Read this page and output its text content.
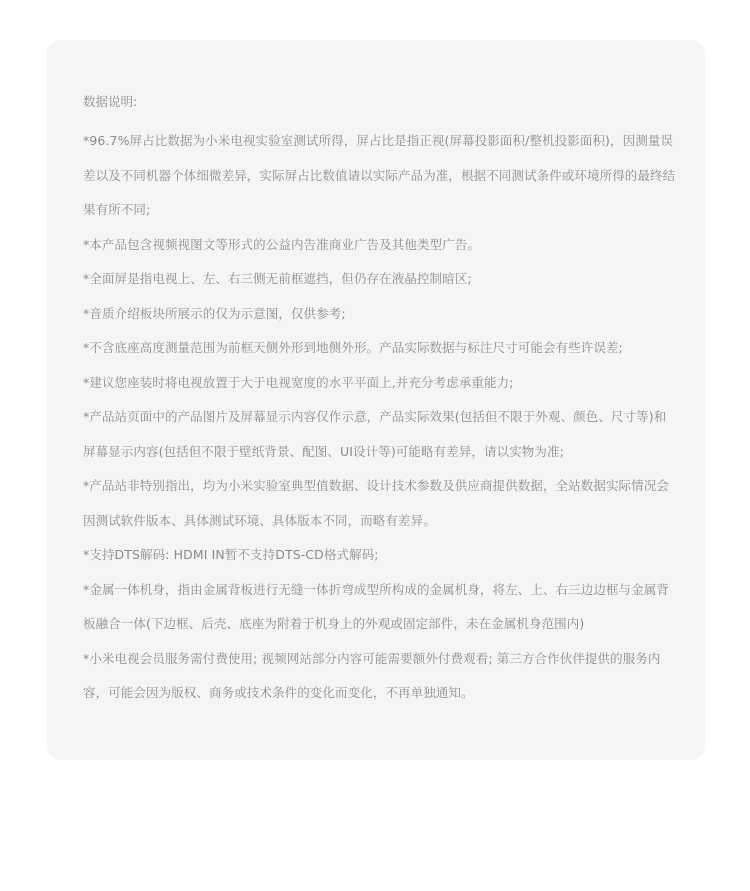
数据说明:

*96.7%屏占比数据为小米电视实验室测试所得，屏占比是指正视(屏幕投影面积/整机投影面积)，因测量误差以及不同机器个体细微差异，实际屏占比数值请以实际产品为准，根据不同测试条件或环境所得的最终结果有所不同;
*本产品包含视频视图文等形式的公益内告准商业广告及其他类型广告。
*全面屏是指电视上、左、右三侧无前框遮挡，但仍存在液晶控制暗区;
*音质介绍板块所展示的仅为示意图，仅供参考;
*不含底座高度测量范围为前框天侧外形到地侧外形。产品实际数据与标注尺寸可能会有些许误差;
*建议您座装时将电视放置于大于电视宽度的水平平面上,并充分考虑承重能力;
*产品站页面中的产品图片及屏幕显示内容仅作示意，产品实际效果(包括但不限于外观、颜色、尺寸等)和屏幕显示内容(包括但不限于壁纸背景、配图、UI设计等)可能略有差异，请以实物为准;
*产品站非特别指出，均为小米实验室典型值数据、设计技术参数及供应商提供数据，全站数据实际情况会因测试软件版本、具体测试环境、具体版本不同，而略有差异。
*支持DTS解码: HDMI IN暂不支持DTS-CD格式解码;
*金属一体机身，指由金属背板进行无缝一体折弯成型所构成的金属机身，将左、上、右三边边框与金属背板融合一体(下边框、后壳、底座为附着于机身上的外观或固定部件，未在金属机身范围内)
*小米电视会员服务需付费使用; 视频网站部分内容可能需要额外付费观看; 第三方合作伙伴提供的服务内容，可能会因为版权、商务或技术条件的变化而变化，不再单独通知。
